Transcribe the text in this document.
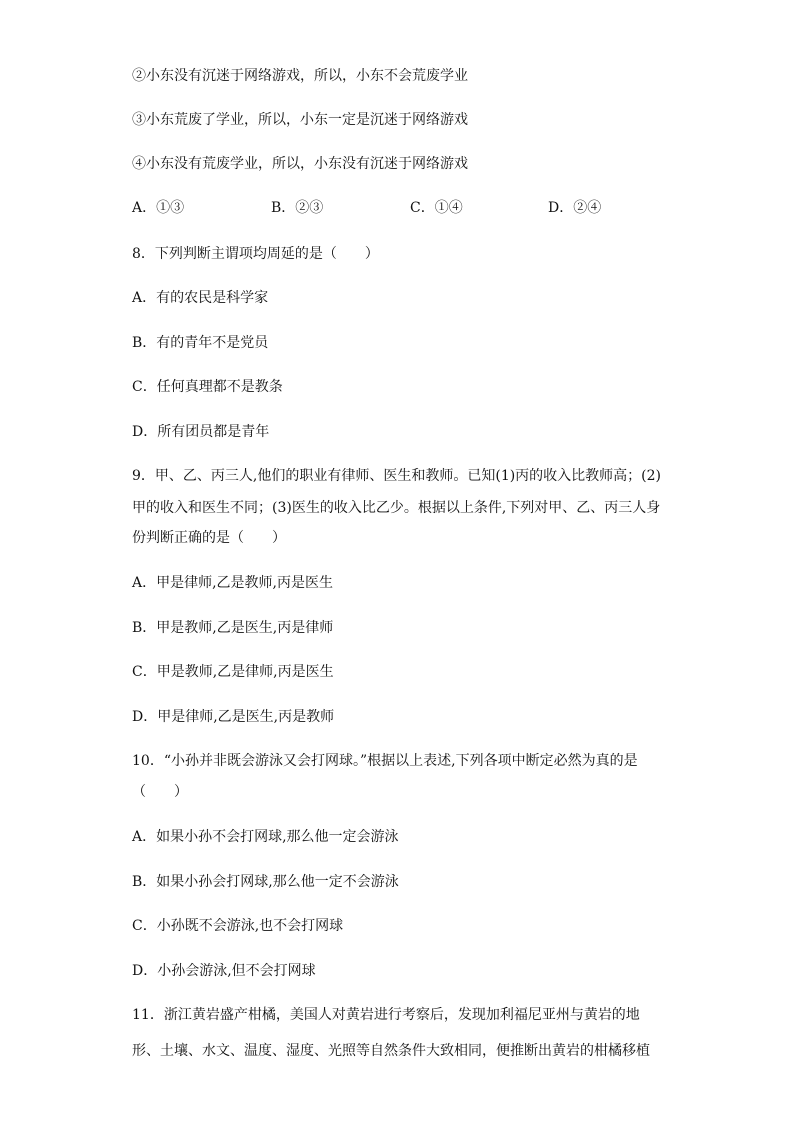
②小东没有沉迷于网络游戏，所以，小东不会荒废学业
③小东荒废了学业，所以，小东一定是沉迷于网络游戏
④小东没有荒废学业，所以，小东没有沉迷于网络游戏
A．①③	B．②③	C．①④	D．②④
8．下列判断主谓项均周延的是（　　）
A．有的农民是科学家
B．有的青年不是党员
C．任何真理都不是教条
D．所有团员都是青年
9．甲、乙、丙三人,他们的职业有律师、医生和教师。已知(1)丙的收入比教师高；(2)
甲的收入和医生不同；(3)医生的收入比乙少。根据以上条件,下列对甲、乙、丙三人身
份判断正确的是（　　）
A．甲是律师,乙是教师,丙是医生
B．甲是教师,乙是医生,丙是律师
C．甲是教师,乙是律师,丙是医生
D．甲是律师,乙是医生,丙是教师
10．“小孙并非既会游泳又会打网球。”根据以上表述,下列各项中断定必然为真的是
（　　）
A．如果小孙不会打网球,那么他一定会游泳
B．如果小孙会打网球,那么他一定不会游泳
C．小孙既不会游泳,也不会打网球
D．小孙会游泳,但不会打网球
11．浙江黄岩盛产柑橘，美国人对黄岩进行考察后，发现加利福尼亚州与黄岩的地
形、土壤、水文、温度、湿度、光照等自然条件大致相同，便推断出黄岩的柑橘移植
